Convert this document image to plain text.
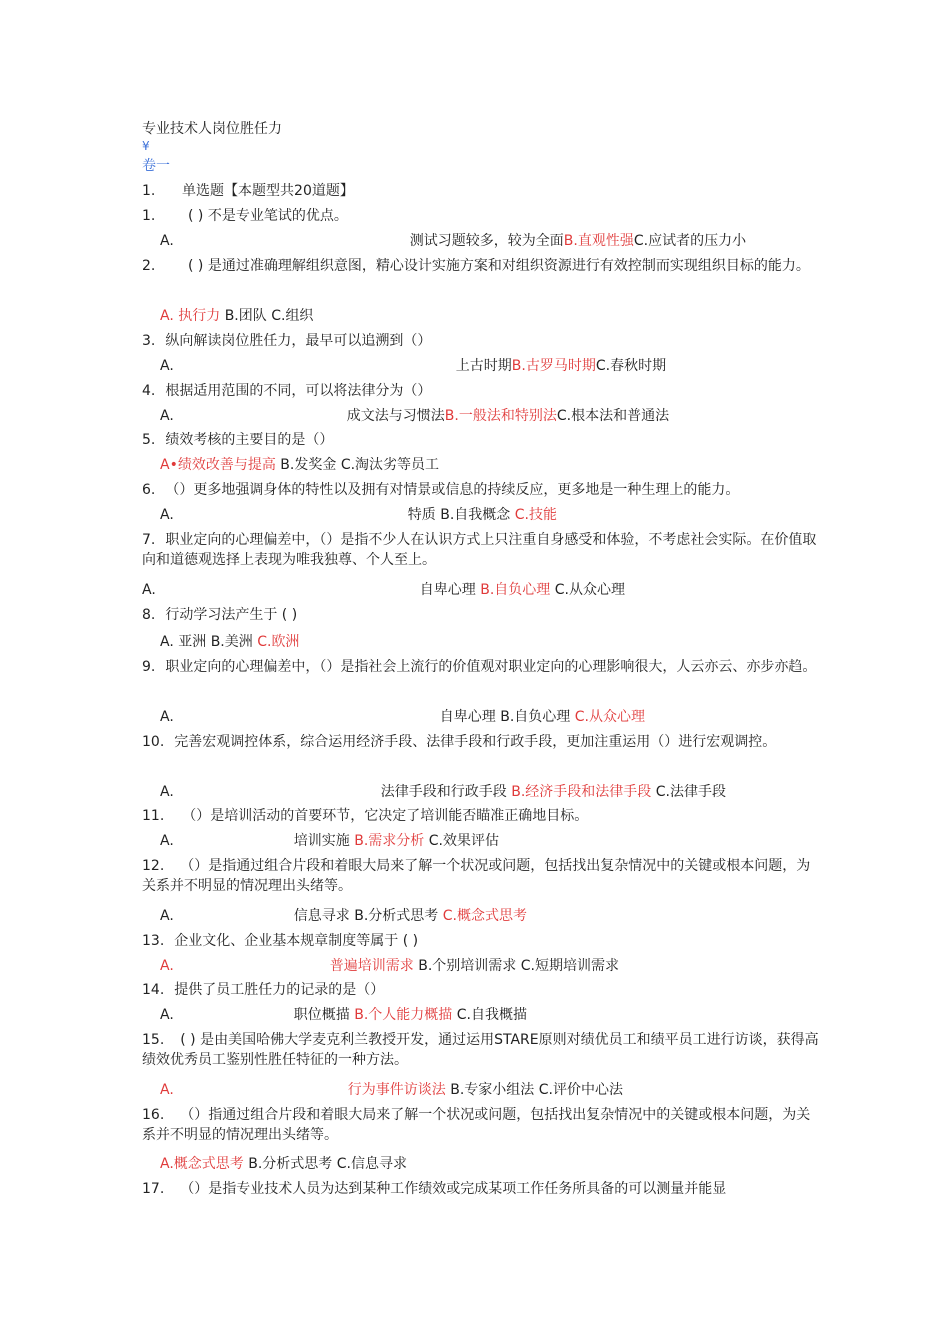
专业技术人岗位胜任力
¥
卷一
1.      单选题【本题型共20道题】
1. ( ) 不是专业笔试的优点。
A.	测试习题较多，较为全面B.直观性强C.应试者的压力小
2. ( ) 是通过准确理解组织意图，精心设计实施方案和对组织资源进行有效控制而实现组织目标的能力。
A. 执行力 B.团队 C.组织
3. 纵向解读岗位胜任力，最早可以追溯到（）
A.	上古时期B.古罗马时期C.春秋时期
4. 根据适用范围的不同，可以将法律分为（）
A.	成文法与习惯法B.一般法和特别法C.根本法和普通法
5. 绩效考核的主要目的是（）
A•绩效改善与提高 B.发奖金 C.淘汰劣等员工
6. （）更多地强调身体的特性以及拥有对情景或信息的持续反应，更多地是一种生理上的能力。
A.	特质 B.自我概念 C.技能
7. 职业定向的心理偏差中，（）是指不少人在认识方式上只注重自身感受和体验，不考虑社会实际。在价值取向和道德观选择上表现为唯我独尊、个人至上。
A.	自卑心理 B.自负心理 C.从众心理
8. 行动学习法产生于 ( )
A. 亚洲 B.美洲 C.欧洲
9. 职业定向的心理偏差中，（）是指社会上流行的价值观对职业定向的心理影响很大，人云亦云、亦步亦趋。
A.	自卑心理 B.自负心理 C.从众心理
10. 完善宏观调控体系，综合运用经济手段、法律手段和行政手段，更加注重运用（）进行宏观调控。
A.	法律手段和行政手段 B.经济手段和法律手段 C.法律手段
11. （）是培训活动的首要环节，它决定了培训能否瞄准正确地目标。
A.	培训实施 B.需求分析 C.效果评估
12. （）是指通过组合片段和着眼大局来了解一个状况或问题，包括找出复杂情况中的关键或根本问题，为关系并不明显的情况理出头绪等。
A.	信息寻求 B.分析式思考 C.概念式思考
13. 企业文化、企业基本规章制度等属于 ( )
A.	普遍培训需求 B.个别培训需求 C.短期培训需求
14. 提供了员工胜任力的记录的是（）
A.	职位概描 B.个人能力概描 C.自我概描
15. ( ) 是由美国哈佛大学麦克利兰教授开发，通过运用STARE原则对绩优员工和绩平员工进行访谈，获得高绩效优秀员工鉴别性胜任特征的一种方法。
A.	行为事件访谈法 B.专家小组法 C.评价中心法
16. （）指通过组合片段和着眼大局来了解一个状况或问题，包括找出复杂情况中的关键或根本问题，为关系并不明显的情况理出头绪等。
A.概念式思考 B.分析式思考 C.信息寻求
17. （）是指专业技术人员为达到某种工作绩效或完成某项工作任务所具备的可以测量并能显
